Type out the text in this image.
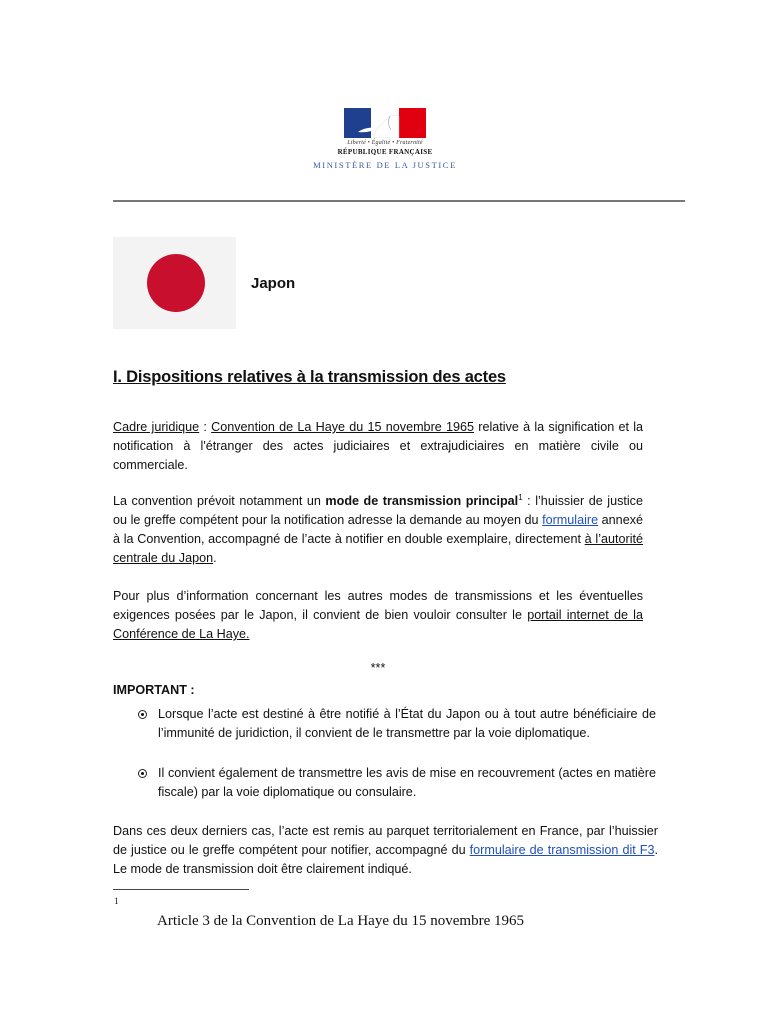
Liberté • Égalité • Fraternité
RÉPUBLIQUE FRANÇAISE
MINISTÈRE DE LA JUSTICE
Japon
I. Dispositions relatives à la transmission des actes
Cadre juridique : Convention de La Haye du 15 novembre 1965 relative à la signification et la notification à l'étranger des actes judiciaires et extrajudiciaires en matière civile ou commerciale.
La convention prévoit notamment un mode de transmission principal$^1$ : l’huissier de justice ou le greffe compétent pour la notification adresse la demande au moyen du formulaire annexé à la Convention, accompagné de l’acte à notifier en double exemplaire, directement à l’autorité centrale du Japon.
Pour plus d’information concernant les autres modes de transmissions et les éventuelles exigences posées par le Japon, il convient de bien vouloir consulter le portail internet de la Conférence de La Haye.
***
IMPORTANT :
Lorsque l’acte est destiné à être notifié à l’État du Japon ou à tout autre bénéficiaire de l’immunité de juridiction, il convient de le transmettre par la voie diplomatique.
Il convient également de transmettre les avis de mise en recouvrement (actes en matière fiscale) par la voie diplomatique ou consulaire.
Dans ces deux derniers cas, l’acte est remis au parquet territorialement en France, par l’huissier de justice ou le greffe compétent pour notifier, accompagné du formulaire de transmission dit F3. Le mode de transmission doit être clairement indiqué.
1
Article 3 de la Convention de La Haye du 15 novembre 1965
